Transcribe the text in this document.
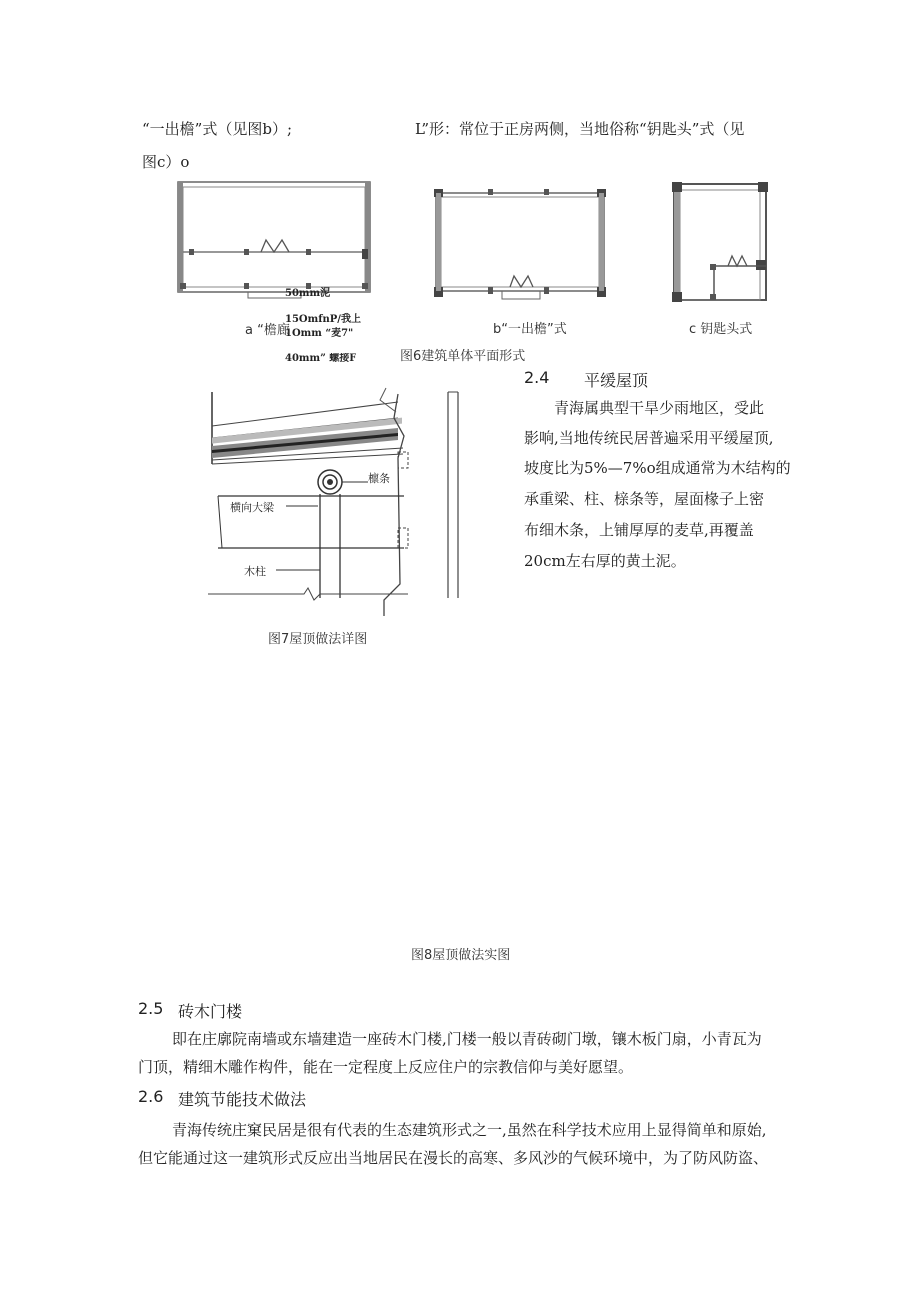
“一出檐”式（见图b）;	L”形：常位于正房两侧，当地俗称“钥匙头”式（见
图c）o
50mm泥
15OmfnP/我上
1Omm “麦7"
40mm” 螺接F
a “檐廊	b“一出檐”式	c 钥匙头式
图6建筑单体平面形式
檩条
横向大梁
木柱
图7屋顶做法详图
2.4 平缓屋顶
青海属典型干旱少雨地区，受此
影响,当地传统民居普遍采用平缓屋顶,
坡度比为5%—7%o组成通常为木结构的
承重梁、柱、榇条等，屋面椽子上密
布细木条，上铺厚厚的麦草,再覆盖
20cm左右厚的黄土泥。
图8屋顶做法实图
2.5 砖木门楼
即在庄廓院南墙或东墙建造一座砖木门楼,门楼一般以青砖砌门墩，镶木板门扇，小青瓦为
门顶，精细木雕作构件，能在一定程度上反应住户的宗教信仰与美好愿望。
2.6 建筑节能技术做法
青海传统庄窠民居是很有代表的生态建筑形式之一,虽然在科学技术应用上显得简单和原始,
但它能通过这一建筑形式反应出当地居民在漫长的高寒、多风沙的气候环境中，为了防风防盗、
